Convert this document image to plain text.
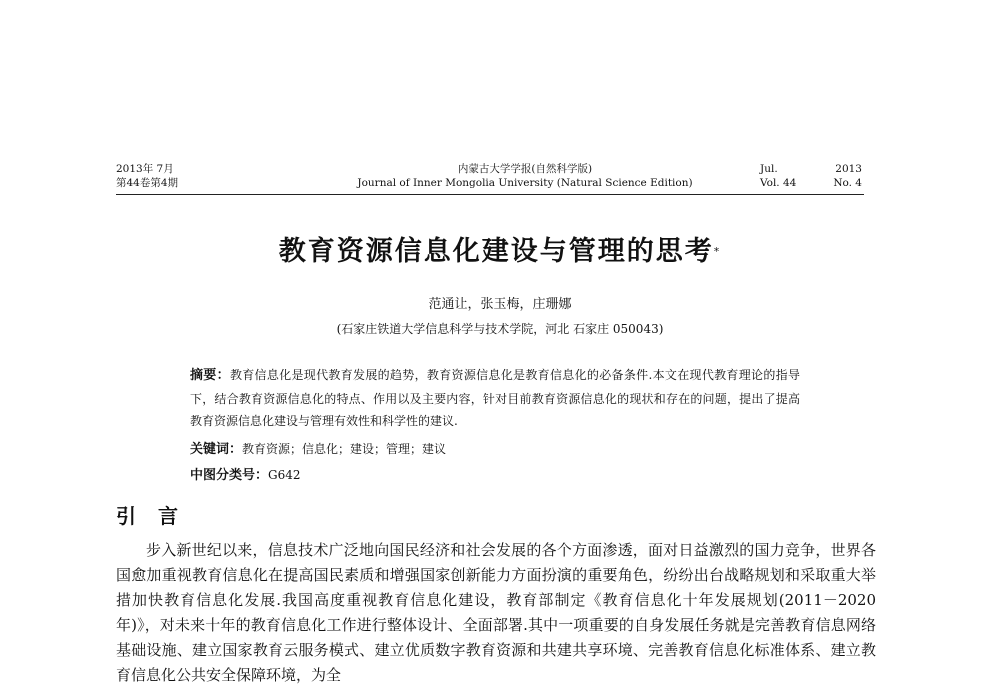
2013年 7月
第44卷第4期
内蒙古大学学报(自然科学版)
Journal of Inner Mongolia University (Natural Science Edition)
Jul.	2013
Vol. 44	No. 4
教育资源信息化建设与管理的思考*
范通让，张玉梅，庄珊娜
(石家庄铁道大学信息科学与技术学院，河北 石家庄 050043)
摘要：教育信息化是现代教育发展的趋势，教育资源信息化是教育信息化的必备条件.本文在现代教育理论的指导下，结合教育资源信息化的特点、作用以及主要内容，针对目前教育资源信息化的现状和存在的问题，提出了提高教育资源信息化建设与管理有效性和科学性的建议.
关键词：教育资源；信息化；建设；管理；建议
中图分类号：G642
引言
步入新世纪以来，信息技术广泛地向国民经济和社会发展的各个方面渗透，面对日益激烈的国力竞争，世界各国愈加重视教育信息化在提高国民素质和增强国家创新能力方面扮演的重要角色，纷纷出台战略规划和采取重大举措加快教育信息化发展.我国高度重视教育信息化建设，教育部制定《教育信息化十年发展规划(2011－2020年)》，对未来十年的教育信息化工作进行整体设计、全面部署.其中一项重要的自身发展任务就是完善教育信息网络基础设施、建立国家教育云服务模式、建立优质数字教育资源和共建共享环境、完善教育信息化标准体系、建立教育信息化公共安全保障环境，为全
